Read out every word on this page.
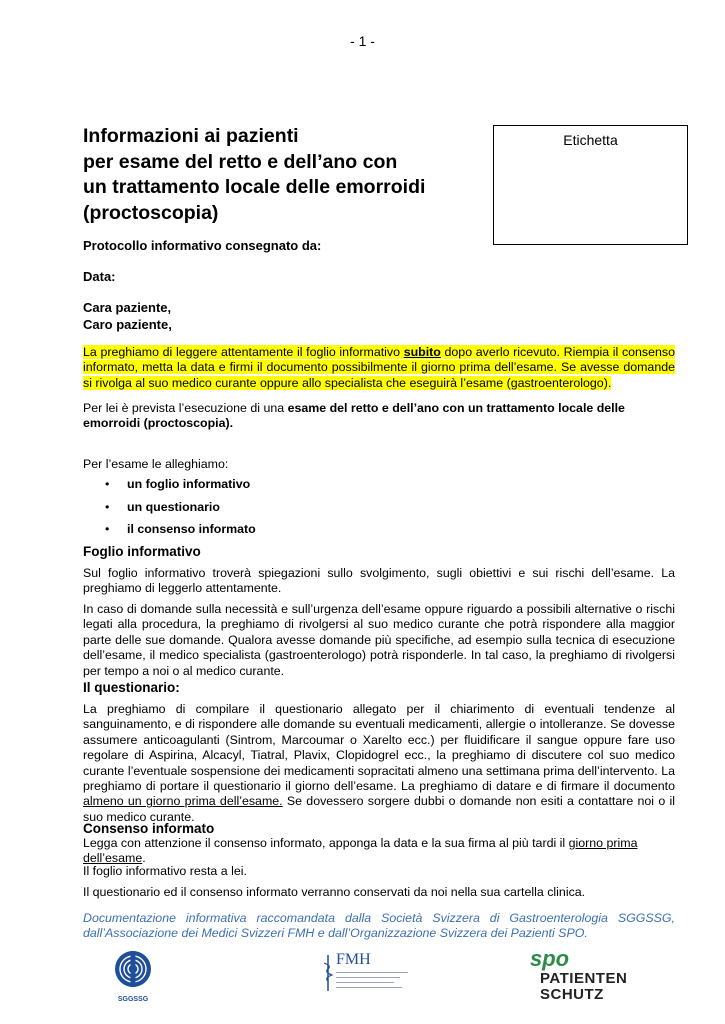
- 1 -
Informazioni ai pazienti
per esame del retto e dell’ano con
un trattamento locale delle emorroidi
(proctoscopia)
Etichetta
Protocollo informativo consegnato da:
Data:
Cara paziente,
Caro paziente,

La preghiamo di leggere attentamente il foglio informativo subito dopo averlo ricevuto. Riempia il consenso informato, metta la data e firmi il documento possibilmente il giorno prima dell’esame. Se avesse domande si rivolga al suo medico curante oppure allo specialista che eseguirà l’esame (gastroenterologo).

Per lei è prevista l’esecuzione di una esame del retto e dell’ano con un trattamento locale delle emorroidi (proctoscopia).

Per l’esame le alleghiamo:

• un foglio informativo
• un questionario
• il consenso informato
Foglio informativo

Sul foglio informativo troverà spiegazioni sullo svolgimento, sugli obiettivi e sui rischi dell’esame. La preghiamo di leggerlo attentamente.

In caso di domande sulla necessità e sull’urgenza dell’esame oppure riguardo a possibili alternative o rischi legati alla procedura, la preghiamo di rivolgersi al suo medico curante che potrà rispondere alla maggior parte delle sue domande. Qualora avesse domande più specifiche, ad esempio sulla tecnica di esecuzione dell’esame, il medico specialista (gastroenterologo) potrà risponderle. In tal caso, la preghiamo di rivolgersi per tempo a noi o al medico curante.

Il questionario:

La preghiamo di compilare il questionario allegato per il chiarimento di eventuali tendenze al sanguinamento, e di rispondere alle domande su eventuali medicamenti, allergie o intolleranze. Se dovesse assumere anticoagulanti (Sintrom, Marcoumar o Xarelto ecc.) per fluidificare il sangue oppure fare uso regolare di Aspirina, Alcacyl, Tiatral, Plavix, Clopidogrel ecc., la preghiamo di discutere col suo medico curante l’eventuale sospensione dei medicamenti sopracitati almeno una settimana prima dell’intervento. La preghiamo di portare il questionario il giorno dell’esame. La preghiamo di datare e di firmare il documento almeno un giorno prima dell’esame. Se dovessero sorgere dubbi o domande non esiti a contattare noi o il suo medico curante.

Consenso informato

Legga con attenzione il consenso informato, apponga la data e la sua firma al più tardi il giorno prima dell’esame.

Il foglio informativo resta a lei.

Il questionario ed il consenso informato verranno conservati da noi nella sua cartella clinica.

Documentazione informativa raccomandata dalla Società Svizzera di Gastroenterologia SGGSSG, dall’Associazione dei Medici Svizzeri FMH e dall’Organizzazione Svizzera dei Pazienti SPO.

SGGSSG
FMH	spo
PATIENTEN
SCHUTZ
